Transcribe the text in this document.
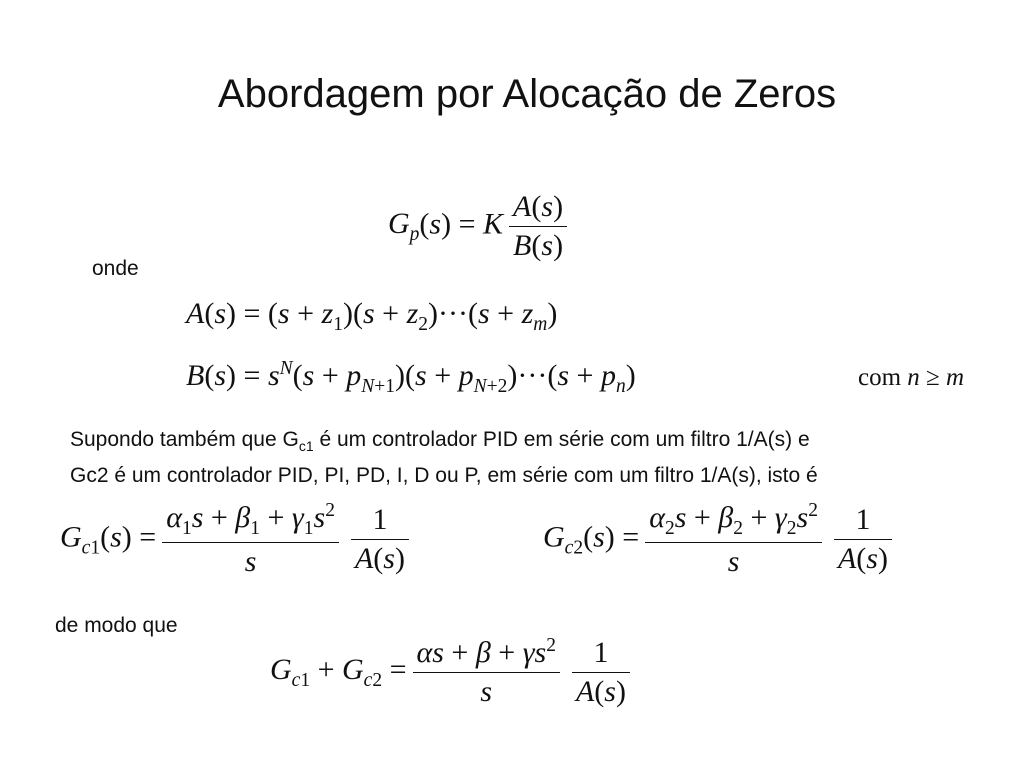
Abordagem por Alocação de Zeros
$G_p(s) = K \frac{A(s)}{B(s)}$
onde
$A(s) = (s + z_1)(s + z_2)\cdot\cdot\cdot(s + z_m)$
$B(s) = s^N(s + p_{N+1})(s + p_{N+2})\cdot\cdot\cdot(s + p_n)$	com n ≥ m
Supondo também que $G_{c1}$ é um controlador PID em série com um filtro 1/A(s) e
Gc2 é um controlador PID, PI, PD, I, D ou P, em série com um filtro 1/A(s), isto é
$G_{c1}(s) = \frac{\alpha_1s + \beta_1 + \gamma_1s^2}{s} \frac{1}{A(s)}$	$G_{c2}(s) = \frac{\alpha_2s + \beta_2 + \gamma_2s^2}{s} \frac{1}{A(s)}$
de modo que
$G_{c1} + G_{c2} = \frac{\alpha s + \beta + \gamma s^2}{s} \frac{1}{A(s)}$
